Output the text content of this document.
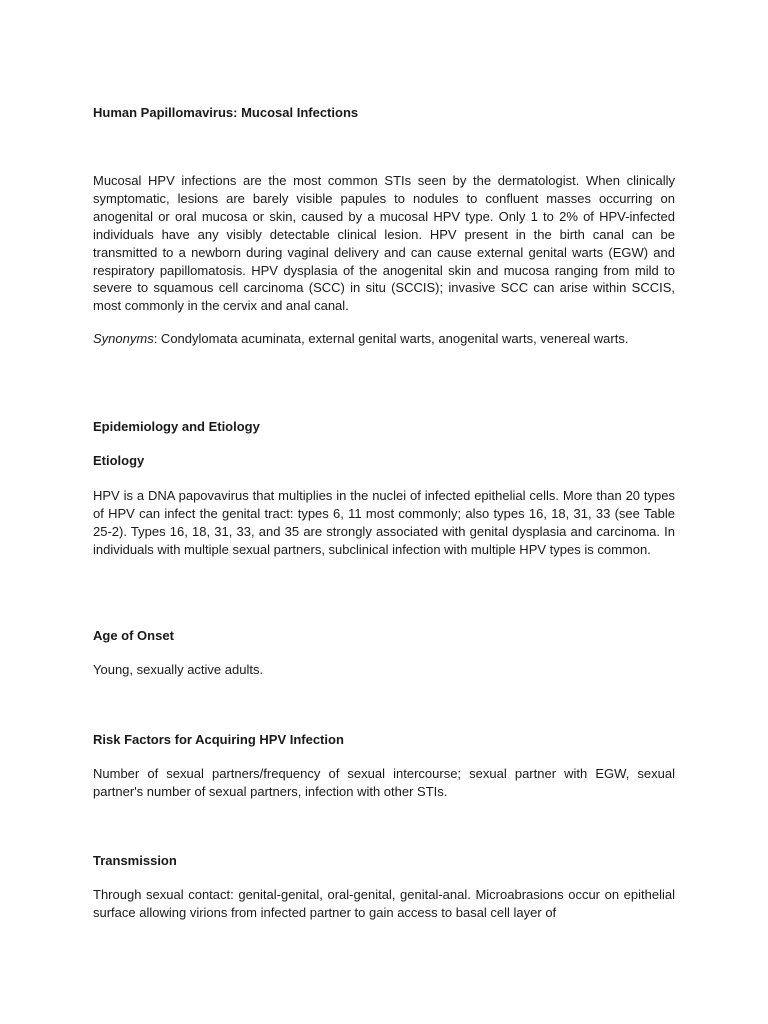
Human Papillomavirus: Mucosal Infections

Mucosal HPV infections are the most common STIs seen by the dermatologist. When clinically symptomatic, lesions are barely visible papules to nodules to confluent masses occurring on anogenital or oral mucosa or skin, caused by a mucosal HPV type. Only 1 to 2% of HPV-infected individuals have any visibly detectable clinical lesion. HPV present in the birth canal can be transmitted to a newborn during vaginal delivery and can cause external genital warts (EGW) and respiratory papillomatosis. HPV dysplasia of the anogenital skin and mucosa ranging from mild to severe to squamous cell carcinoma (SCC) in situ (SCCIS); invasive SCC can arise within SCCIS, most commonly in the cervix and anal canal.

Synonyms: Condylomata acuminata, external genital warts, anogenital warts, venereal warts.

Epidemiology and Etiology

Etiology

HPV is a DNA papovavirus that multiplies in the nuclei of infected epithelial cells. More than 20 types of HPV can infect the genital tract: types 6, 11 most commonly; also types 16, 18, 31, 33 (see Table 25-2). Types 16, 18, 31, 33, and 35 are strongly associated with genital dysplasia and carcinoma. In individuals with multiple sexual partners, subclinical infection with multiple HPV types is common.

Age of Onset

Young, sexually active adults.

Risk Factors for Acquiring HPV Infection

Number of sexual partners/frequency of sexual intercourse; sexual partner with EGW, sexual partner's number of sexual partners, infection with other STIs.

Transmission

Through sexual contact: genital-genital, oral-genital, genital-anal. Microabrasions occur on epithelial surface allowing virions from infected partner to gain access to basal cell layer of
